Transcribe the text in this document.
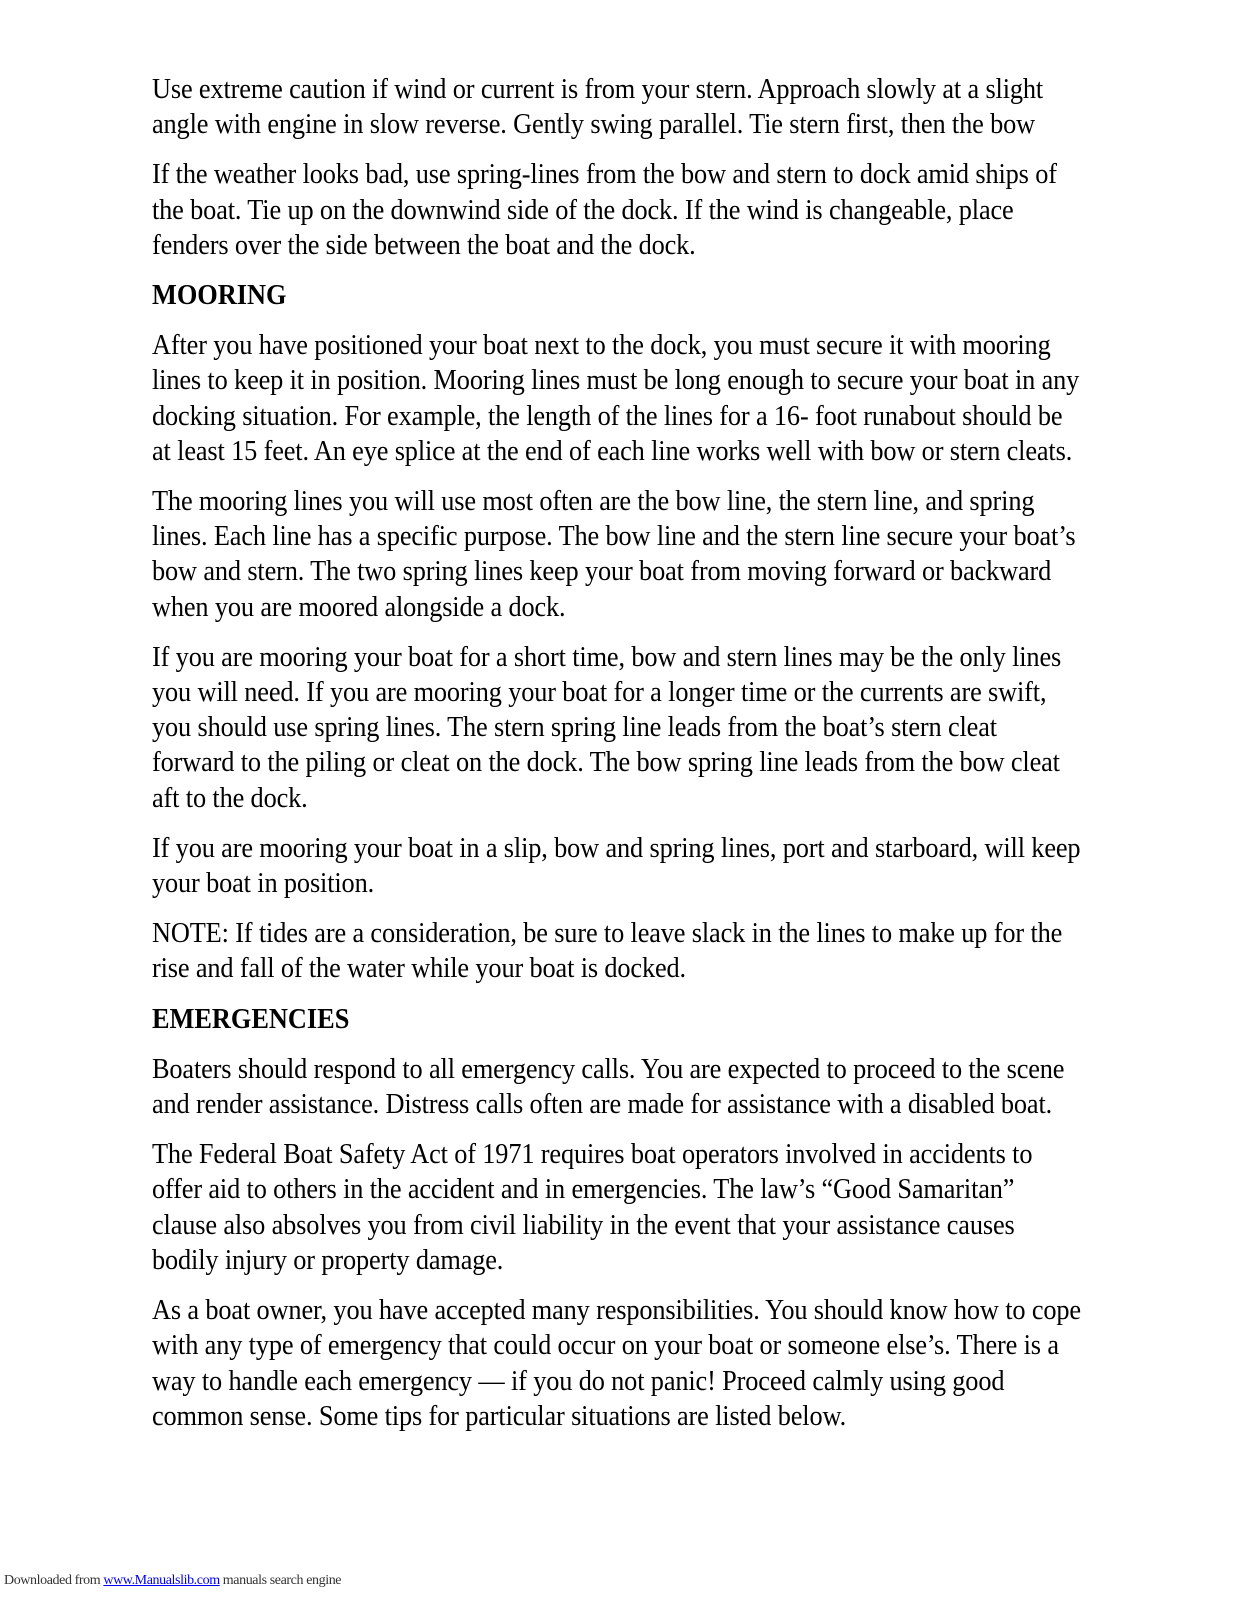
Use extreme caution if wind or current is from your stern. Approach slowly at a slight angle with engine in slow reverse. Gently swing parallel. Tie stern first, then the bow

If the weather looks bad, use spring-lines from the bow and stern to dock amid ships of the boat. Tie up on the downwind side of the dock. If the wind is changeable, place fenders over the side between the boat and the dock.

MOORING

After you have positioned your boat next to the dock, you must secure it with mooring lines to keep it in position. Mooring lines must be long enough to secure your boat in any docking situation. For example, the length of the lines for a 16- foot runabout should be at least 15 feet. An eye splice at the end of each line works well with bow or stern cleats.

The mooring lines you will use most often are the bow line, the stern line, and spring lines. Each line has a specific purpose. The bow line and the stern line secure your boat’s bow and stern. The two spring lines keep your boat from moving forward or backward when you are moored alongside a dock.

If you are mooring your boat for a short time, bow and stern lines may be the only lines you will need. If you are mooring your boat for a longer time or the currents are swift, you should use spring lines. The stern spring line leads from the boat’s stern cleat forward to the piling or cleat on the dock. The bow spring line leads from the bow cleat aft to the dock.

If you are mooring your boat in a slip, bow and spring lines, port and starboard, will keep your boat in position.

NOTE: If tides are a consideration, be sure to leave slack in the lines to make up for the rise and fall of the water while your boat is docked.

EMERGENCIES

Boaters should respond to all emergency calls. You are expected to proceed to the scene and render assistance. Distress calls often are made for assistance with a disabled boat.

The Federal Boat Safety Act of 1971 requires boat operators involved in accidents to offer aid to others in the accident and in emergencies. The law’s “Good Samaritan” clause also absolves you from civil liability in the event that your assistance causes bodily injury or property damage.

As a boat owner, you have accepted many responsibilities. You should know how to cope with any type of emergency that could occur on your boat or someone else’s. There is a way to handle each emergency — if you do not panic! Proceed calmly using good common sense. Some tips for particular situations are listed below.

Downloaded from www.Manualslib.com manuals search engine
